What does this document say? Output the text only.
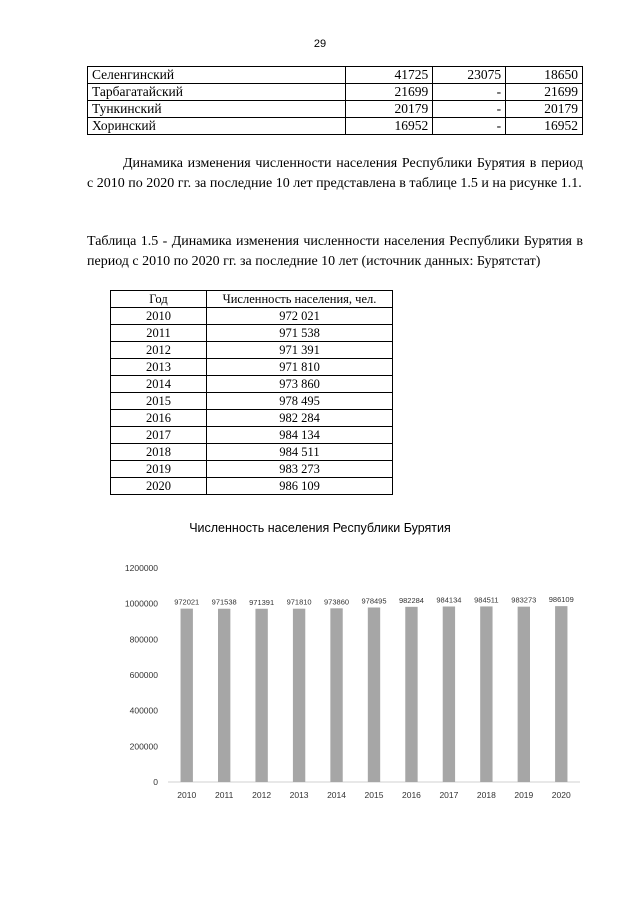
29
Селенгинский	41725	23075	18650
Тарбагатайский	21699	-	21699
Тункинский	20179	-	20179
Хоринский	16952	-	16952

Динамика изменения численности населения Республики Бурятия в период с 2010 по 2020 гг. за последние 10 лет представлена в таблице 1.5 и на рисунке 1.1.

Таблица 1.5 - Динамика изменения численности населения Республики Бурятия в период с 2010 по 2020 гг. за последние 10 лет (источник данных: Бурятстат)

Год	Численность населения, чел.
2010	972 021
2011	971 538
2012	971 391
2013	971 810
2014	973 860
2015	978 495
2016	982 284
2017	984 134
2018	984 511
2019	983 273
2020	986 109
Численность населения Республики Бурятия
0
200000
400000
600000
800000
1000000
1200000
972021
2010
971538
2011
971391
2012
971810
2013
973860
2014
978495
2015
982284
2016
984134
2017
984511
2018
983273
2019
986109
2020
